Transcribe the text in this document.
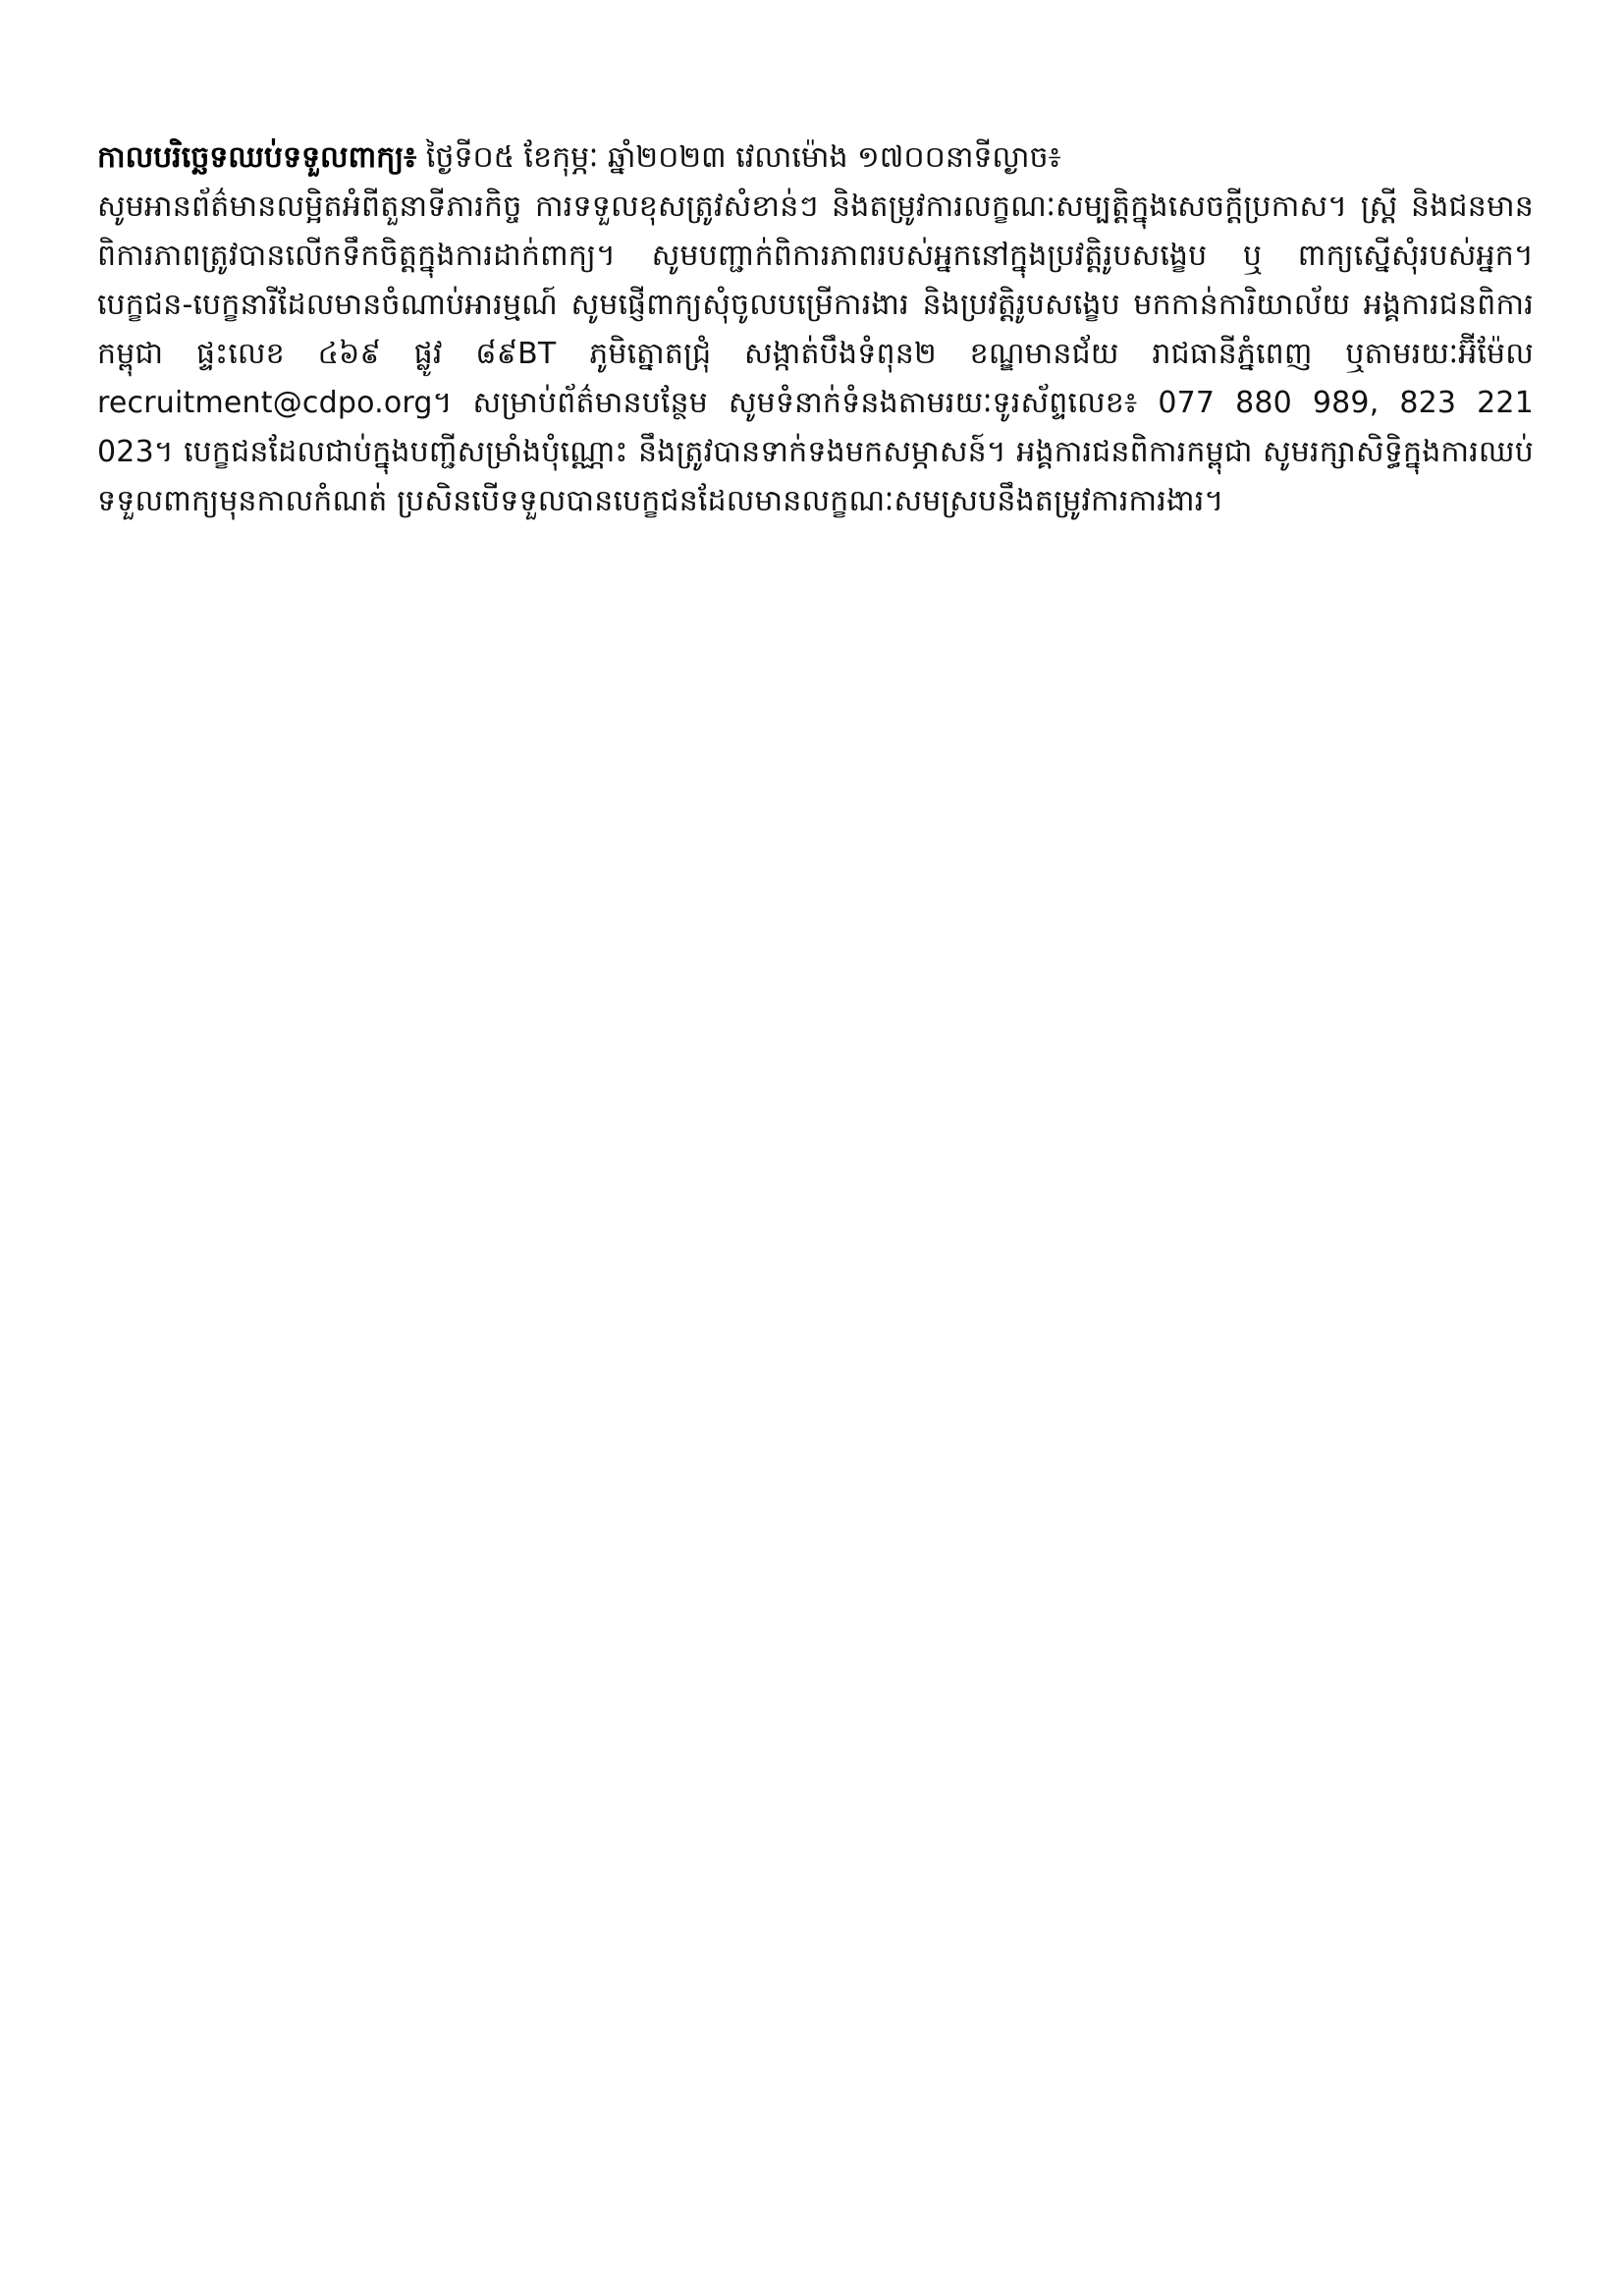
កាលបរិច្ឆេទឈប់ទទួលពាក្យ៖ ថ្ងៃទី០៥ ខែកុម្ភៈ ឆ្នាំ២០២៣ វេលាម៉ោង ១៧០០នាទីល្ងាច៖

សូមអានព័ត៌មានលម្អិតអំពីតួនាទីភារកិច្ច ការទទួលខុសត្រូវសំខាន់ៗ និងតម្រូវការលក្ខណៈសម្បត្តិក្នុងសេចក្ដីប្រកាស។ ស្ត្រី និងជនមានពិការភាពត្រូវបានលើកទឹកចិត្តក្នុងការដាក់ពាក្យ។ សូមបញ្ជាក់ពិការភាពរបស់អ្នកនៅក្នុងប្រវត្តិរូបសង្ខេប ឬ ពាក្យស្នើសុំរបស់អ្នក។ បេក្ខជន-បេក្ខនារីដែលមានចំណាប់អារម្មណ៍ សូមផ្ញើពាក្យសុំចូលបម្រើការងារ និងប្រវត្តិរូបសង្ខេប មកកាន់ការិយាល័យ អង្គការជនពិការកម្ពុជា ផ្ទះលេខ ៤៦៩ ផ្លូវ ៨៩BT ភូមិត្នោតជ្រុំ សង្កាត់បឹងទំពុន២ ខណ្ឌមានជ័យ រាជធានីភ្នំពេញ ឬតាមរយៈអ៊ីម៉ែល recruitment@cdpo.org។ សម្រាប់ព័ត៌មានបន្ថែម សូមទំនាក់ទំនងតាមរយៈទូរស័ព្ទលេខ៖ 077 880 989, 823 221 023។ បេក្ខជនដែលជាប់ក្នុងបញ្ជីសម្រាំងបុំណ្ណោះ នឹងត្រូវបានទាក់ទងមកសម្ភាសន៍។ អង្គការជនពិការកម្ពុជា សូមរក្សាសិទ្ធិក្នុងការឈប់ទទួលពាក្យមុនកាលកំណត់ ប្រសិនបើទទួលបានបេក្ខជនដែលមានលក្ខណៈសមស្របនឹងតម្រូវការការងារ។
